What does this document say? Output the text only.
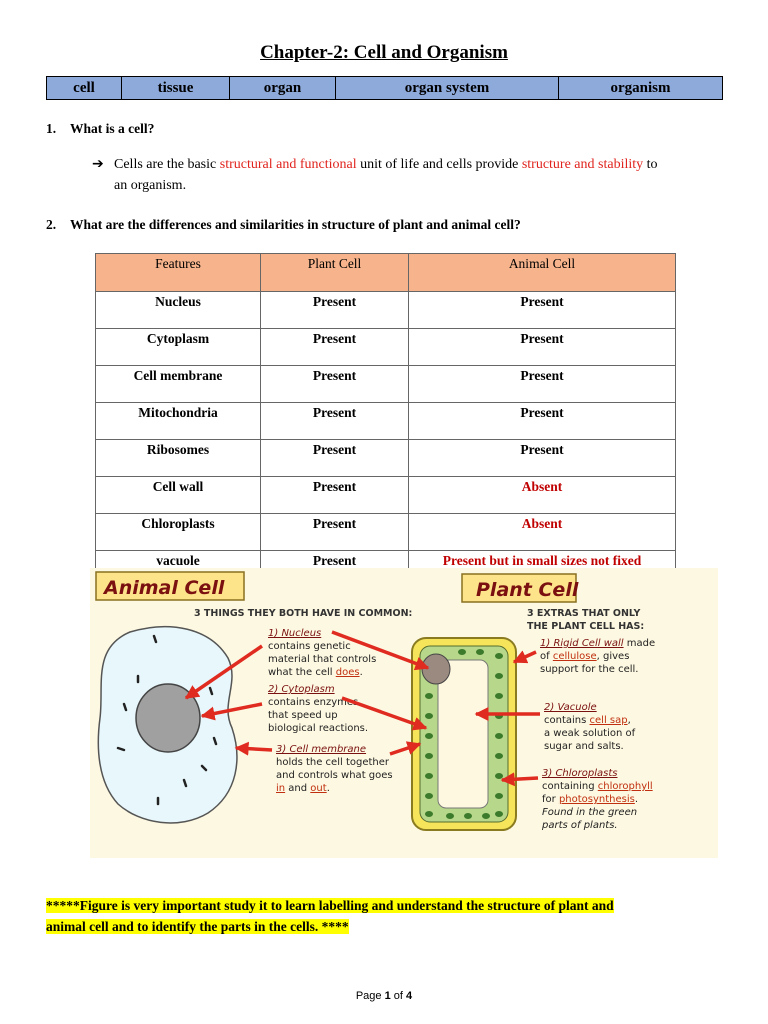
Chapter-2: Cell and Organism
cell	tissue	organ	organ system	organism
1. What is a cell?
➔ Cells are the basic structural and functional unit of life and cells provide structure and stability to
an organism.
2. What are the differences and similarities in structure of plant and animal cell?
Features	Plant Cell	Animal Cell
Nucleus	Present	Present
Cytoplasm	Present	Present
Cell membrane	Present	Present
Mitochondria	Present	Present
Ribosomes	Present	Present
Cell wall	Present	Absent
Chloroplasts	Present	Absent
vacuole	Present	Present but in small sizes not fixed
Animal Cell	Plant Cell
3 THINGS THEY BOTH HAVE IN COMMON:	3 EXTRAS THAT ONLY
THE PLANT CELL HAS:
1) Nucleus
contains genetic
material that controls
what the cell does.
2) Cytoplasm
contains enzymes
that speed up
biological reactions.
3) Cell membrane
holds the cell together
and controls what goes
in and out.
1) Rigid Cell wall made
of cellulose, gives
support for the cell.
2) Vacuole
contains cell sap,
a weak solution of
sugar and salts.
3) Chloroplasts
containing chlorophyll
for photosynthesis.
Found in the green
parts of plants.
*****Figure is very important study it to learn labelling and understand the structure of plant and
animal cell and to identify the parts in the cells. ****
Page 1 of 4
